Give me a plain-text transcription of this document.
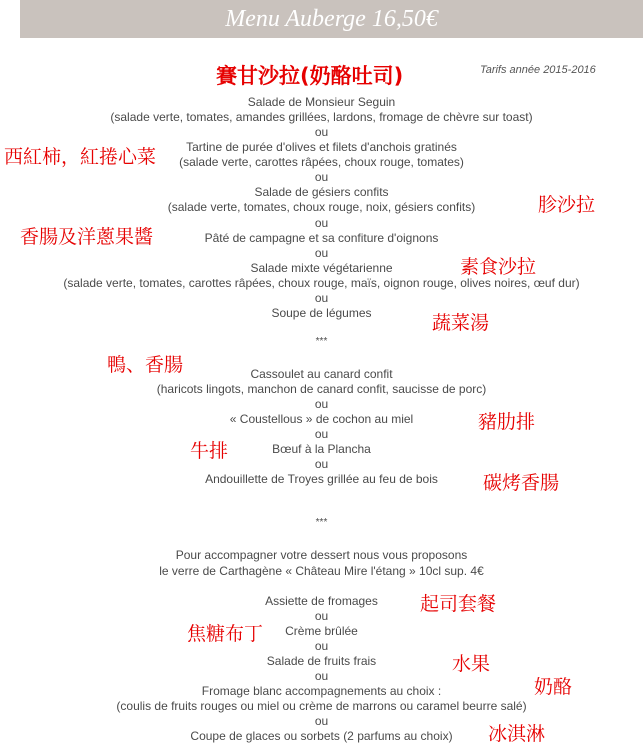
Menu Auberge 16,50€
Tarifs année 2015-2016
Salade de Monsieur Seguin
(salade verte, tomates, amandes grillées, lardons, fromage de chèvre sur toast)
ou
Tartine de purée d'olives et filets d'anchois gratinés
(salade verte, carottes râpées, choux rouge, tomates)
ou
Salade de gésiers confits
(salade verte, tomates, choux rouge, noix, gésiers confits)
ou
Pâté de campagne et sa confiture d'oignons
ou
Salade mixte végétarienne
(salade verte, tomates, carottes râpées, choux rouge, maïs, oignon rouge, olives noires, œuf dur)
ou
Soupe de légumes
***
Cassoulet au canard confit
(haricots lingots, manchon de canard confit, saucisse de porc)
ou
« Coustellous » de cochon au miel
ou
Bœuf à la Plancha
ou
Andouillette de Troyes grillée au feu de bois
***
Pour accompagner votre dessert nous vous proposons
le verre de Carthagène « Château Mire l'étang » 10cl sup. 4€
Assiette de fromages
ou
Crème brûlée
ou
Salade de fruits frais
ou
Fromage blanc accompagnements au choix :
(coulis de fruits rouges ou miel ou crème de marrons ou caramel beurre salé)
ou
Coupe de glaces ou sorbets (2 parfums au choix)
賽甘沙拉(奶酪吐司)
西紅柿，紅捲心菜
胗沙拉
香腸及洋蔥果醬
素食沙拉
蔬菜湯
鴨、香腸
豬肋排
牛排
碳烤香腸
起司套餐
焦糖布丁
水果
奶酪
冰淇淋
